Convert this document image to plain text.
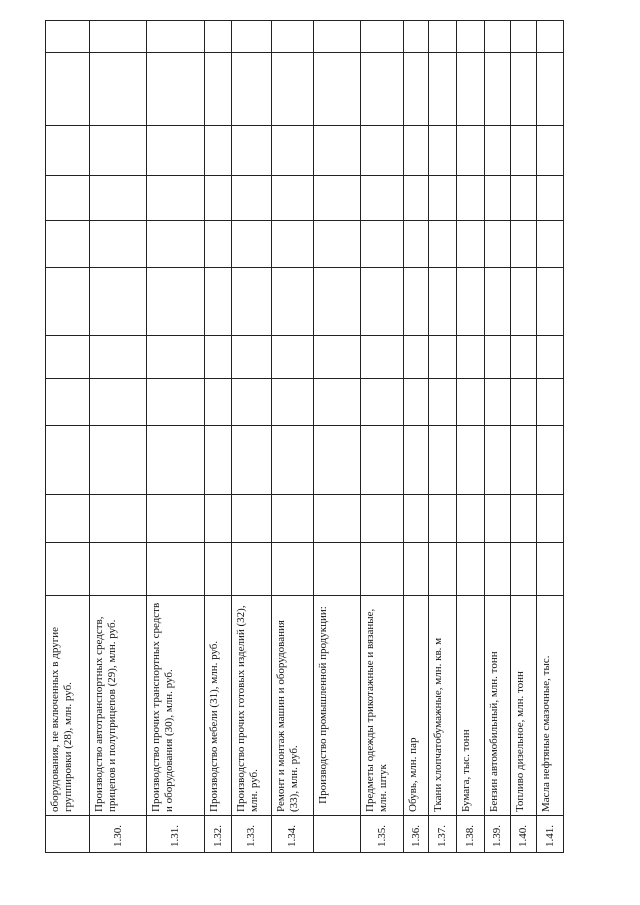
оборудования, не включенных в другие группировки (28), млн. руб. Производство автотранспортных средств, прицепов и полуприцепов (29), млн. руб.
1.30.
Производство прочих транспортных средств и оборудования (30), млн. руб.
1.31.
Производство мебели (31), млн. руб.
1.32.
Производство прочих готовых изделий (32), млн. руб.
1.33.
Ремонт и монтаж машин и оборудования (33), млн. руб.
1.34.
Производство промышленной продукции:	Предметы одежды трикотажные и вязаные, млн. штук
1.35.
Обувь, млн. пар
1.36.
Ткани хлопчатобумажные, млн. кв. м
1.37.
Бумага, тыс. тонн
1.38.
Бензин автомобильный, млн. тонн
1.39.
Топливо дизельное, млн. тонн
1.40.
Масла нефтяные смазочные, тыс.
1.41.
